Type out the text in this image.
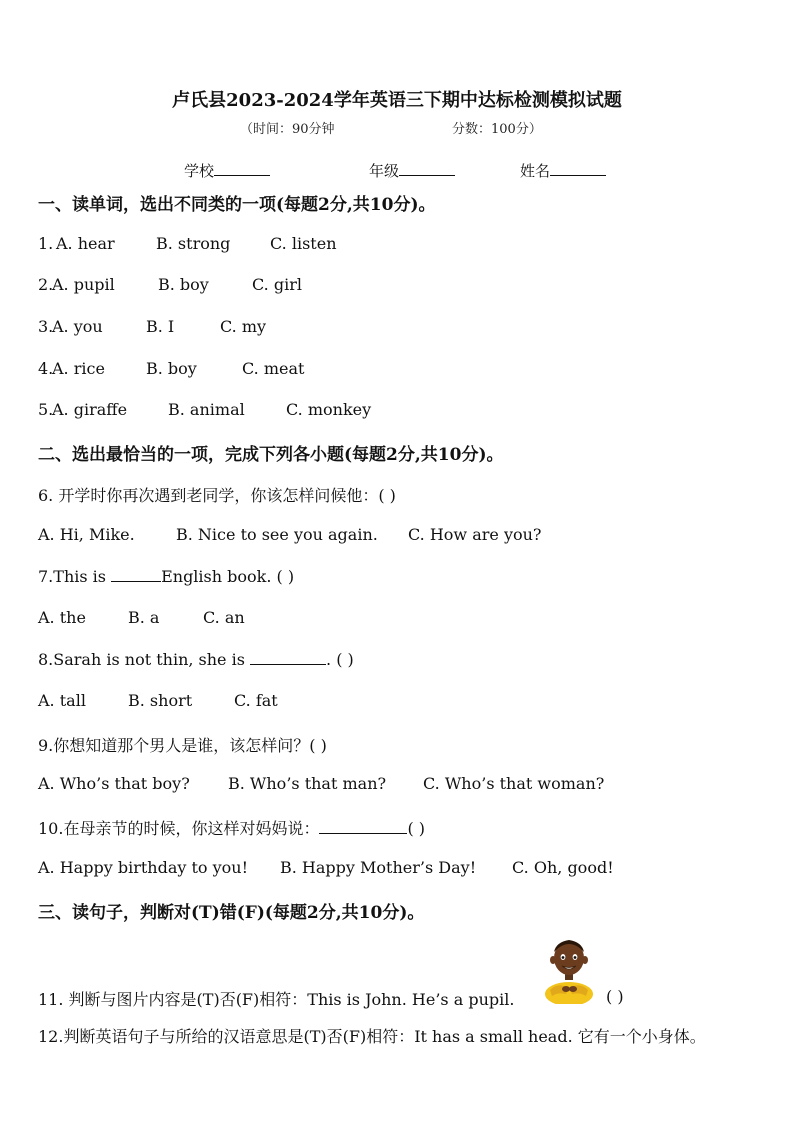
卢氏县2023-2024学年英语三下期中达标检测模拟试题
（时间：90分钟	分数：100分）
学校	年级	姓名
一、读单词，选出不同类的一项(每题2分,共10分)。
1. A. hear	B. strong C. listen
2.
A. pupil	B. boy	C. girl
3.
A. you	B. I	C. my
4.
A. rice	B. boy	C. meat
5.
A. giraffe	B. animal	C. monkey
二、选出最恰当的一项，完成下列各小题(每题2分,共10分)。
6. 开学时你再次遇到老同学，你该怎样问候他：( )
A. Hi, Mike.	B. Nice to see you again. C. How are you?
7.This is	English book. ( )
A. the	B. a	C. an
8.Sarah is not thin, she is	. ( )
A. tall	B. short	C. fat
9.你想知道那个男人是谁，该怎样问？( )
A. Who’s that boy? B. Who’s that man? C. Who’s that woman?
10.在母亲节的时候，你这样对妈妈说：	( )
A. Happy birthday to you! B. Happy Mother’s Day! C. Oh, good!
三、读句子，判断对(T)错(F)(每题2分,共10分)。
11. 判断与图片内容是(T)否(F)相符：This is John. He’s a pupil.	( )
12.判断英语句子与所给的汉语意思是(T)否(F)相符：It has a small head. 它有一个小身体。
